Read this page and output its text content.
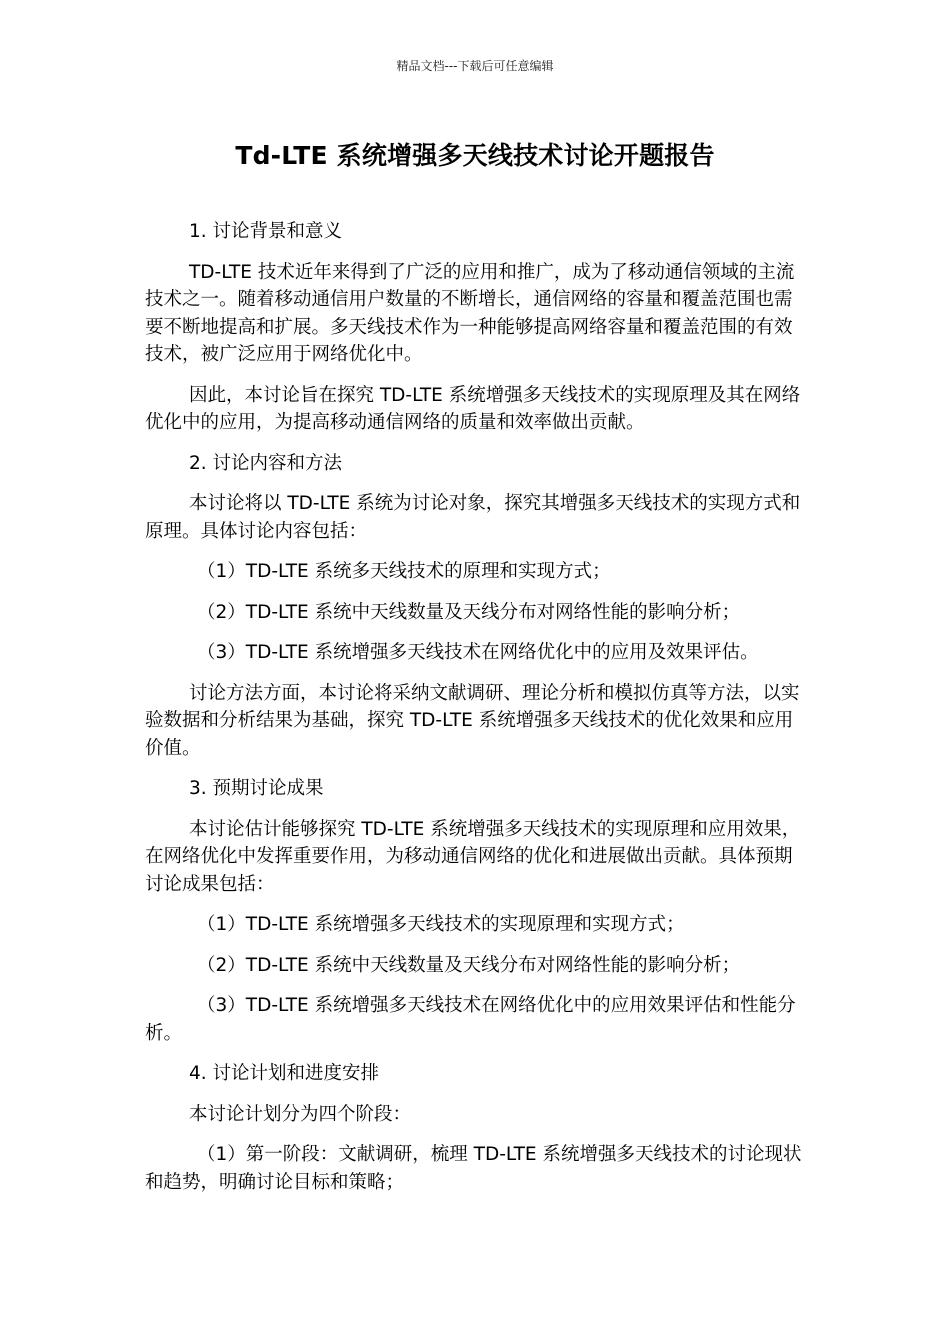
精品文档---下载后可任意编辑
Td-LTE 系统增强多天线技术讨论开题报告

1. 讨论背景和意义

TD-LTE 技术近年来得到了广泛的应用和推广，成为了移动通信领域的主流技术之一。随着移动通信用户数量的不断增长，通信网络的容量和覆盖范围也需要不断地提高和扩展。多天线技术作为一种能够提高网络容量和覆盖范围的有效技术，被广泛应用于网络优化中。

因此，本讨论旨在探究 TD-LTE 系统增强多天线技术的实现原理及其在网络优化中的应用，为提高移动通信网络的质量和效率做出贡献。

2. 讨论内容和方法

本讨论将以 TD-LTE 系统为讨论对象，探究其增强多天线技术的实现方式和原理。具体讨论内容包括：

（1）TD-LTE 系统多天线技术的原理和实现方式；

（2）TD-LTE 系统中天线数量及天线分布对网络性能的影响分析；

（3）TD-LTE 系统增强多天线技术在网络优化中的应用及效果评估。

讨论方法方面，本讨论将采纳文献调研、理论分析和模拟仿真等方法，以实验数据和分析结果为基础，探究 TD-LTE 系统增强多天线技术的优化效果和应用价值。

3. 预期讨论成果

本讨论估计能够探究 TD-LTE 系统增强多天线技术的实现原理和应用效果，在网络优化中发挥重要作用，为移动通信网络的优化和进展做出贡献。具体预期讨论成果包括：

（1）TD-LTE 系统增强多天线技术的实现原理和实现方式；

（2）TD-LTE 系统中天线数量及天线分布对网络性能的影响分析；

（3）TD-LTE 系统增强多天线技术在网络优化中的应用效果评估和性能分析。

4. 讨论计划和进度安排

本讨论计划分为四个阶段：

（1）第一阶段：文献调研，梳理 TD-LTE 系统增强多天线技术的讨论现状和趋势，明确讨论目标和策略；
